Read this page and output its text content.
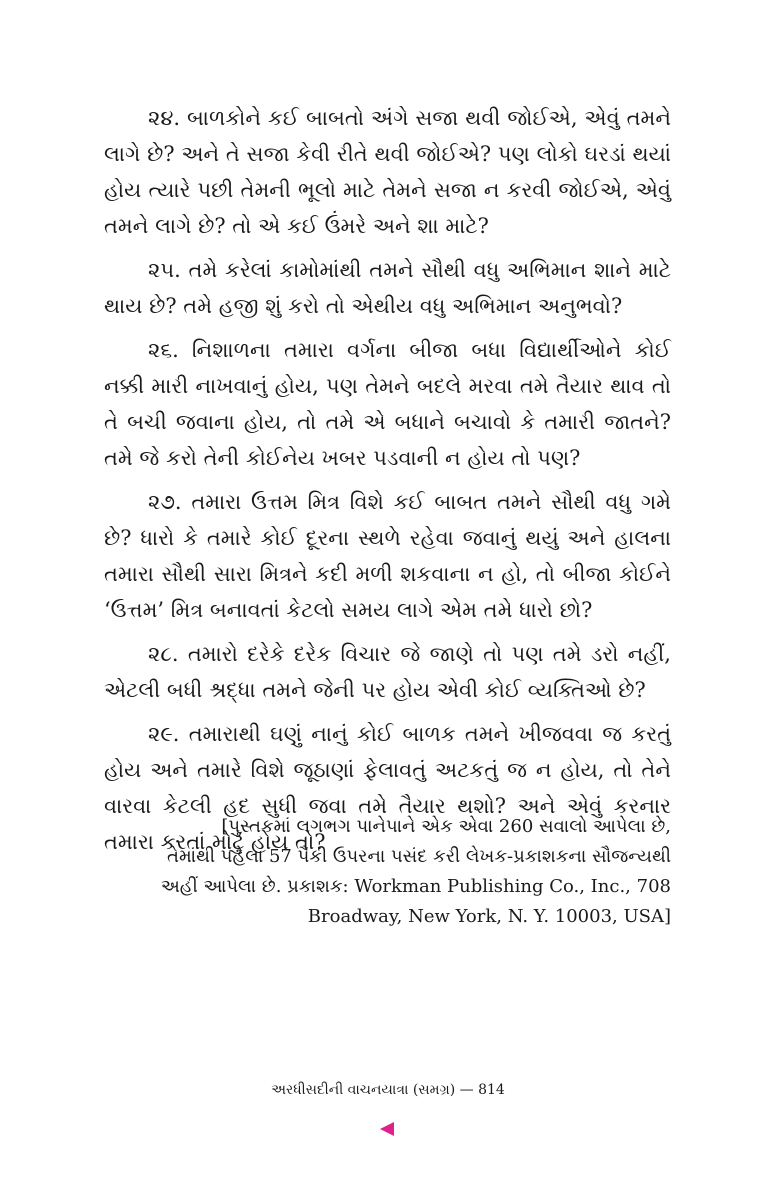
૨૪. બાળકોને કઈ બાબતો અંગે સજા થવી જોઈએ, એવું તમને લાગે છે? અને તે સજા કેવી રીતે થવી જોઈએ? પણ લોકો ઘરડાં થયાં હોય ત્યારે પછી તેમની ભૂલો માટે તેમને સજા ન કરવી જોઈએ, એવું તમને લાગે છે? તો એ કઈ ઉંમરે અને શા માટે?

૨૫. તમે કરેલાં કામોમાંથી તમને સૌથી વધુ અભિમાન શાને માટે થાય છે? તમે હજી શું કરો તો એથીય વધુ અભિમાન અનુભવો?

૨૬. નિશાળના તમારા વર્ગના બીજા બધા વિદ્યાર્થીઓને કોઈ નક્કી મારી નાખવાનું હોય, પણ તેમને બદલે મરવા તમે તૈયાર થાવ તો તે બચી જવાના હોય, તો તમે એ બધાને બચાવો કે તમારી જાતને? તમે જે કરો તેની કોઈનેય ખબર પડવાની ન હોય તો પણ?

૨૭. તમારા ઉત્તમ મિત્ર વિશે કઈ બાબત તમને સૌથી વધુ ગમે છે? ધારો કે તમારે કોઈ દૂરના સ્થળે રહેવા જવાનું થયું અને હાલના તમારા સૌથી સારા મિત્રને કદી મળી શકવાના ન હો, તો બીજા કોઈને ‘ઉત્તમ’ મિત્ર બનાવતાં કેટલો સમય લાગે એમ તમે ધારો છો?

૨૮. તમારો દરેકે દરેક વિચાર જે જાણે તો પણ તમે ડરો નહીં, એટલી બધી શ્રદ્ધા તમને જેની પર હોય એવી કોઈ વ્યક્તિઓ છે?

૨૯. તમારાથી ઘણું નાનું કોઈ બાળક તમને ખીજવવા જ કરતું હોય અને તમારે વિશે જૂઠાણાં ફેલાવતું અટકતું જ ન હોય, તો તેને વારવા કેટલી હદ સુધી જવા તમે તૈયાર થશો? અને એવું કરનાર તમારા કરતાં મોટું હોય તો?

[પુસ્તકમાં લગભગ પાનેપાને એક એવા 260 સવાલો આપેલા છે,

તેમાંથી પહેલા 57 પૈકી ઉપરના પસંદ કરી લેખક-પ્રકાશકના સૌજન્યથી

અહીં આપેલા છે. પ્રકાશક: Workman Publishing Co., Inc., 708

Broadway, New York, N. Y. 10003, USA]

અરધીસદીની વાચનયાત્રા (સમગ્ર) — 814
